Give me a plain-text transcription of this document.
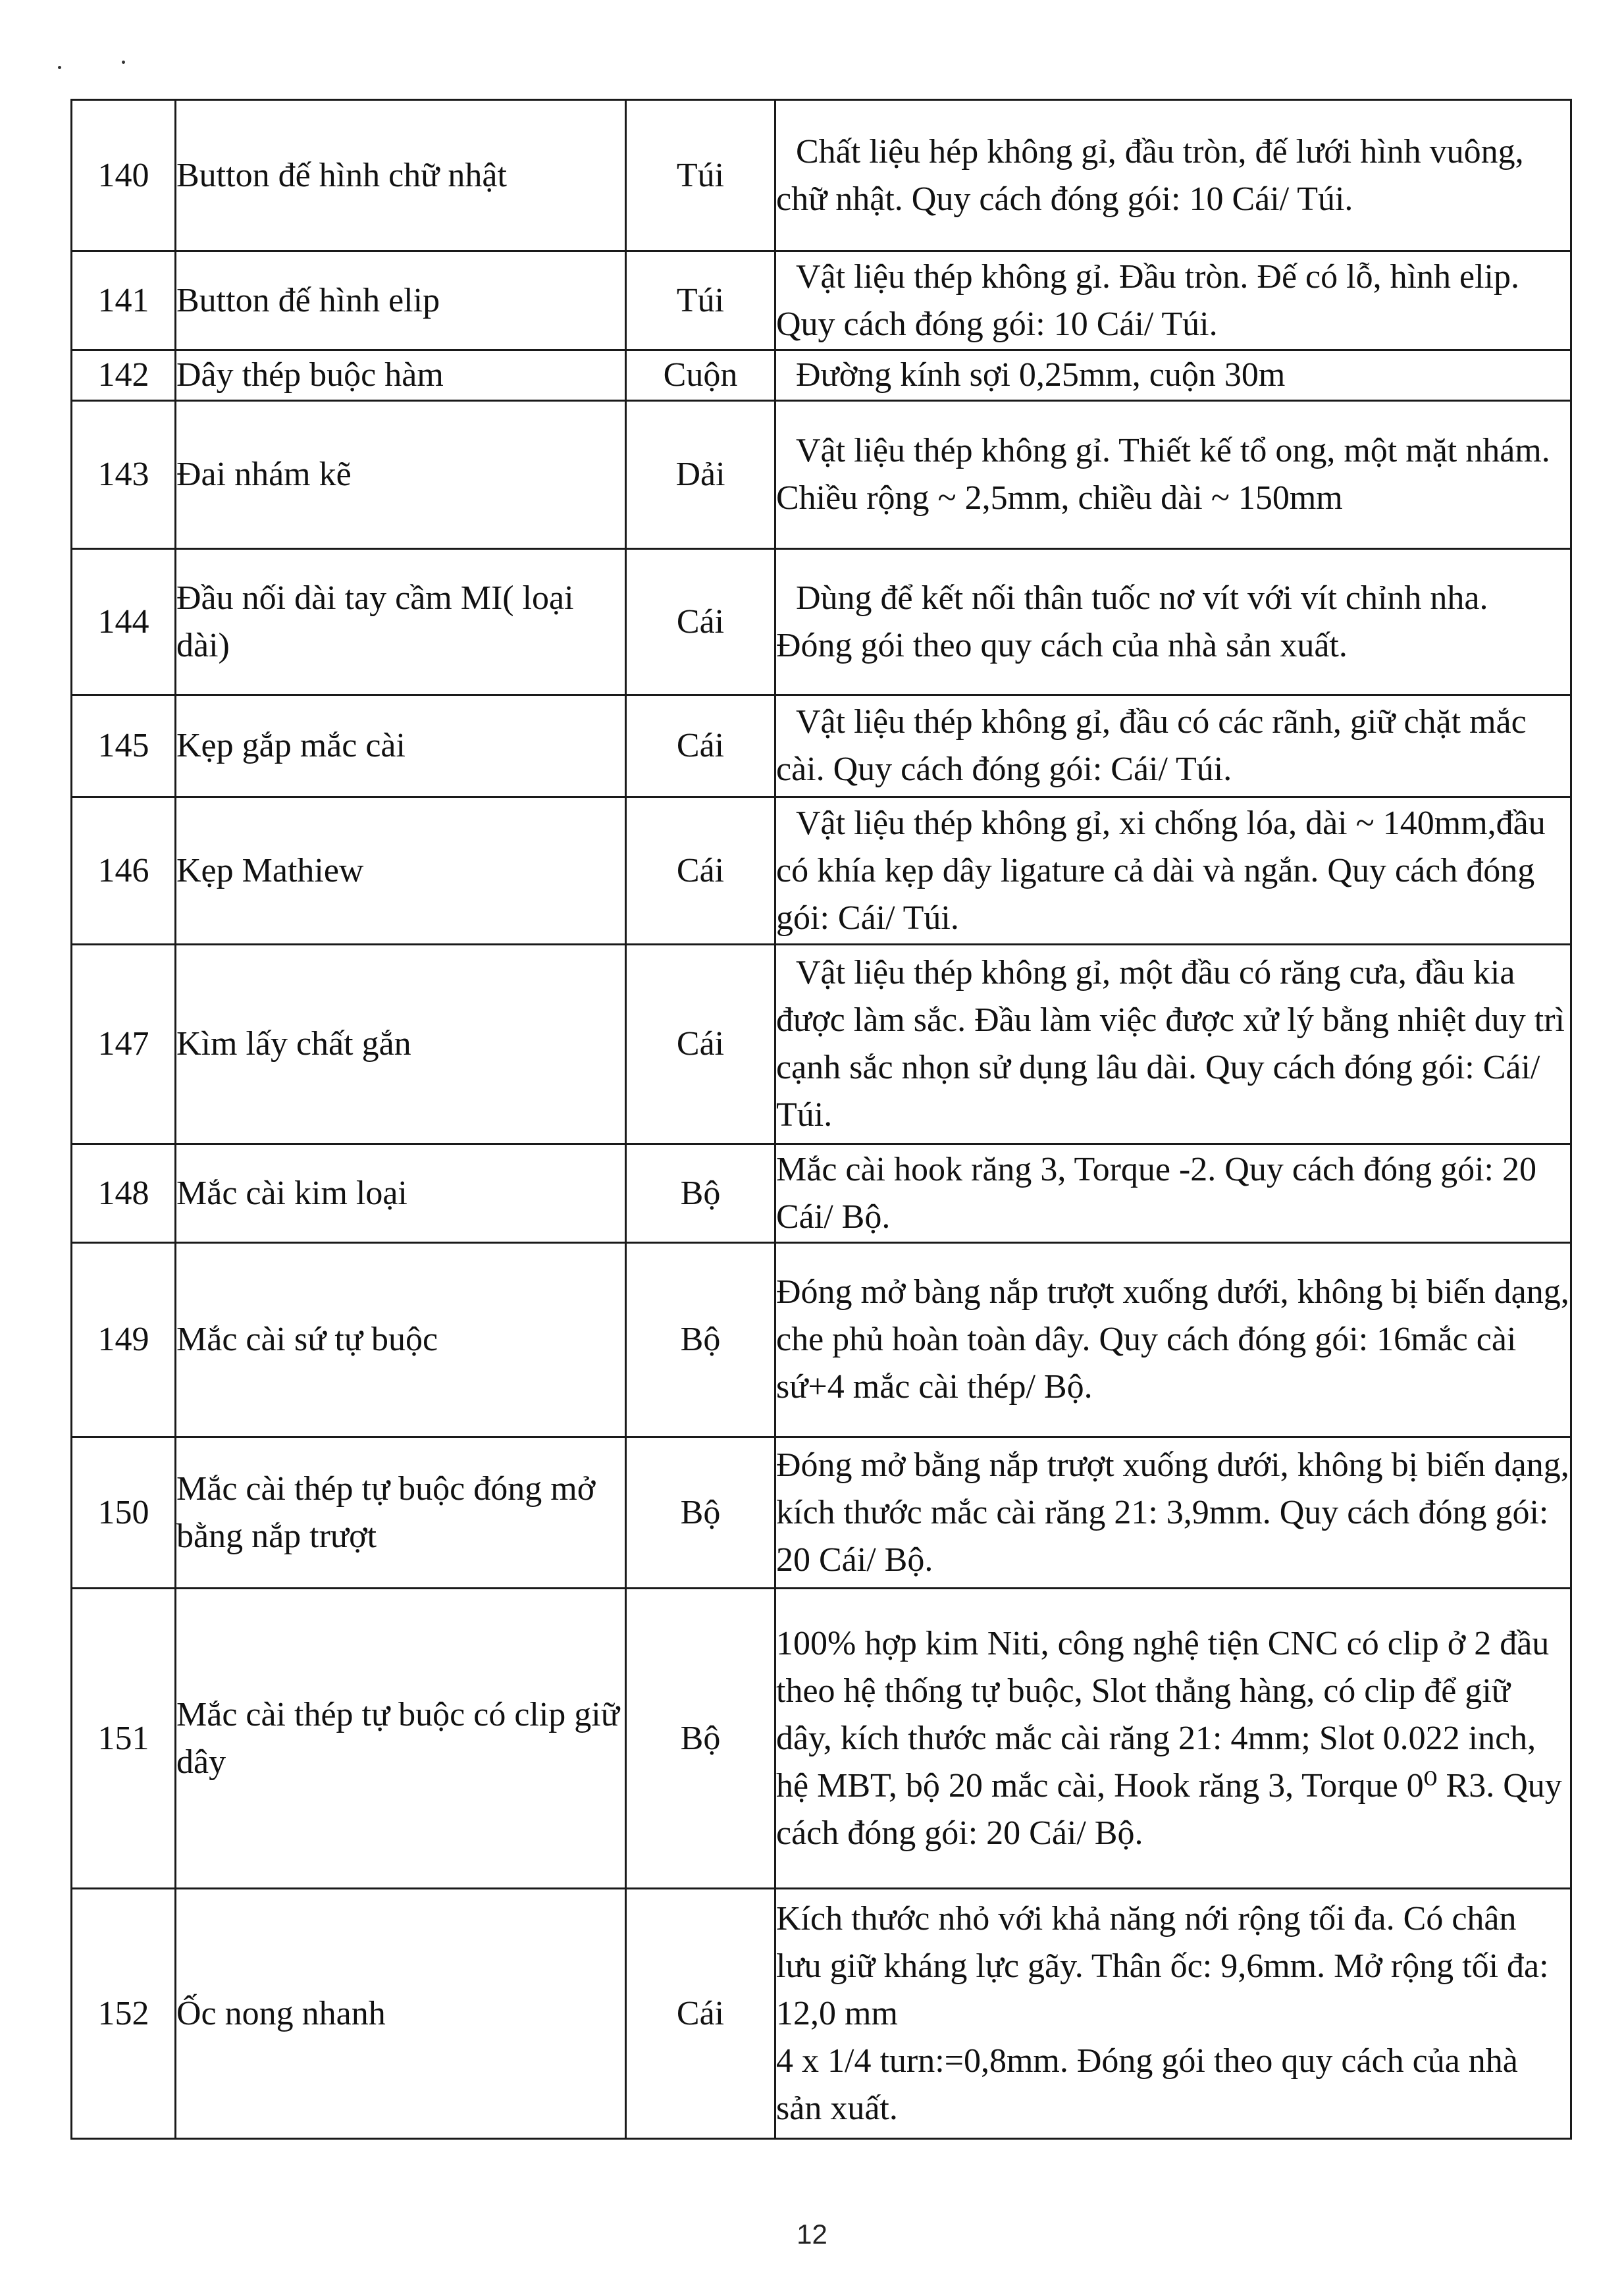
140	Button đế hình chữ nhật	Túi	Chất liệu hép không gỉ, đầu tròn, đế lưới hình vuông, chữ nhật. Quy cách đóng gói: 10 Cái/ Túi.
141	Button đế hình elip	Túi	Vật liệu thép không gỉ. Đầu tròn. Đế có lỗ, hình elip. Quy cách đóng gói: 10 Cái/ Túi.
142	Dây thép buộc hàm	Cuộn	Đường kính sợi 0,25mm, cuộn 30m
143	Đai nhám kẽ	Dải	Vật liệu thép không gỉ. Thiết kế tổ ong, một mặt nhám. Chiều rộng ~ 2,5mm, chiều dài ~ 150mm
144	Đầu nối dài tay cầm MI( loại dài)	Cái	Dùng để kết nối thân tuốc nơ vít với vít chỉnh nha. Đóng gói theo quy cách của nhà sản xuất.
145	Kẹp gắp mắc cài	Cái	Vật liệu thép không gỉ, đầu có các rãnh, giữ chặt mắc cài. Quy cách đóng gói: Cái/ Túi.
146	Kẹp Mathiew	Cái	Vật liệu thép không gỉ, xi chống lóa, dài ~ 140mm,đầu có khía kẹp dây ligature cả dài và ngắn. Quy cách đóng gói: Cái/ Túi.
147	Kìm lấy chất gắn	Cái	Vật liệu thép không gỉ, một đầu có răng cưa, đầu kia được làm sắc. Đầu làm việc được xử lý bằng nhiệt duy trì cạnh sắc nhọn sử dụng lâu dài. Quy cách đóng gói: Cái/ Túi.
148	Mắc cài kim loại	Bộ	Mắc cài hook răng 3, Torque -2. Quy cách đóng gói: 20 Cái/ Bộ.
149	Mắc cài sứ tự buộc	Bộ	Đóng mở bàng nắp trượt xuống dưới, không bị biến dạng, che phủ hoàn toàn dây. Quy cách đóng gói: 16mắc cài sứ+4 mắc cài thép/ Bộ.
150	Mắc cài thép tự buộc đóng mở bằng nắp trượt	Bộ	Đóng mở bằng nắp trượt xuống dưới, không bị biến dạng, kích thước mắc cài răng 21: 3,9mm. Quy cách đóng gói: 20 Cái/ Bộ.
151	Mắc cài thép tự buộc có clip giữ dây	Bộ	100% hợp kim Niti, công nghệ tiện CNC có clip ở 2 đầu theo hệ thống tự buộc, Slot thẳng hàng, có clip để giữ dây, kích thước mắc cài răng 21: 4mm; Slot 0.022 inch, hệ MBT, bộ 20 mắc cài, Hook răng 3, Torque 0⁰ R3. Quy cách đóng gói: 20 Cái/ Bộ.
152	Ốc nong nhanh	Cái	Kích thước nhỏ với khả năng nới rộng tối đa. Có chân lưu giữ kháng lực gãy. Thân ốc: 9,6mm. Mở rộng tối đa: 12,0 mm
4 x 1/4 turn:=0,8mm. Đóng gói theo quy cách của nhà sản xuất.
12
